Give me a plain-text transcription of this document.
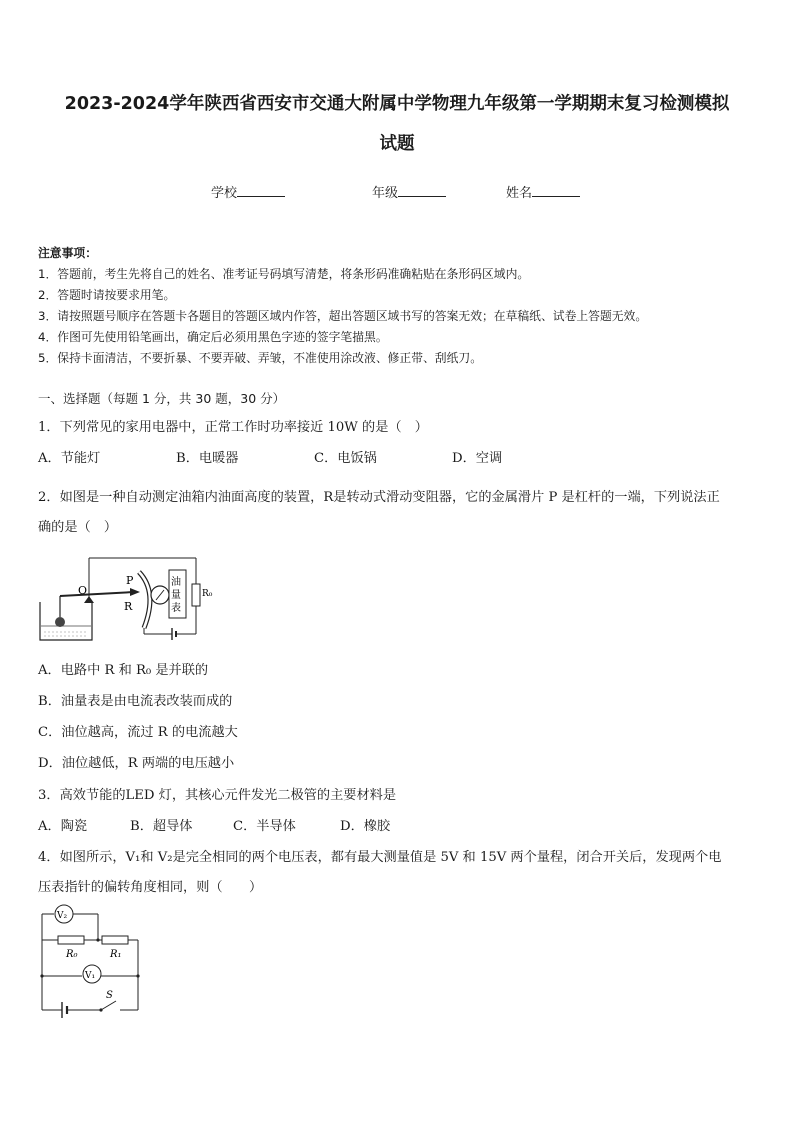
2023-2024学年陕西省西安市交通大附属中学物理九年级第一学期期末复习检测模拟
试题
学校	年级	姓名
注意事项：
1．答题前，考生先将自己的姓名、准考证号码填写清楚，将条形码准确粘贴在条形码区域内。
2．答题时请按要求用笔。
3．请按照题号顺序在答题卡各题目的答题区域内作答，超出答题区域书写的答案无效；在草稿纸、试卷上答题无效。
4．作图可先使用铅笔画出，确定后必须用黑色字迹的签字笔描黑。
5．保持卡面清洁，不要折暴、不要弄破、弄皱，不准使用涂改液、修正带、刮纸刀。
一、选择题（每题 1 分，共 30 题，30 分）
1．下列常见的家用电器中，正常工作时功率接近 10W 的是（　）
A．节能灯	B．电暖器	C．电饭锅	D．空调
2．如图是一种自动测定油箱内油面高度的装置，R是转动式滑动变阻器，它的金属滑片 P 是杠杆的一端，下列说法正
确的是（　）
O
P
R
油
量
表
R₀
A．电路中 R 和 R₀ 是并联的
B．油量表是由电流表改装而成的
C．油位越高，流过 R 的电流越大
D．油位越低，R 两端的电压越小
3．高效节能的LED 灯，其核心元件发光二极管的主要材料是
A．陶瓷	B．超导体	C．半导体	D．橡胶
4．如图所示，V₁和 V₂是完全相同的两个电压表，都有最大测量值是 5V 和 15V 两个量程，闭合开关后，发现两个电
压表指针的偏转角度相同，则（　　）
V₂
R₀	R₁
V₁
S
